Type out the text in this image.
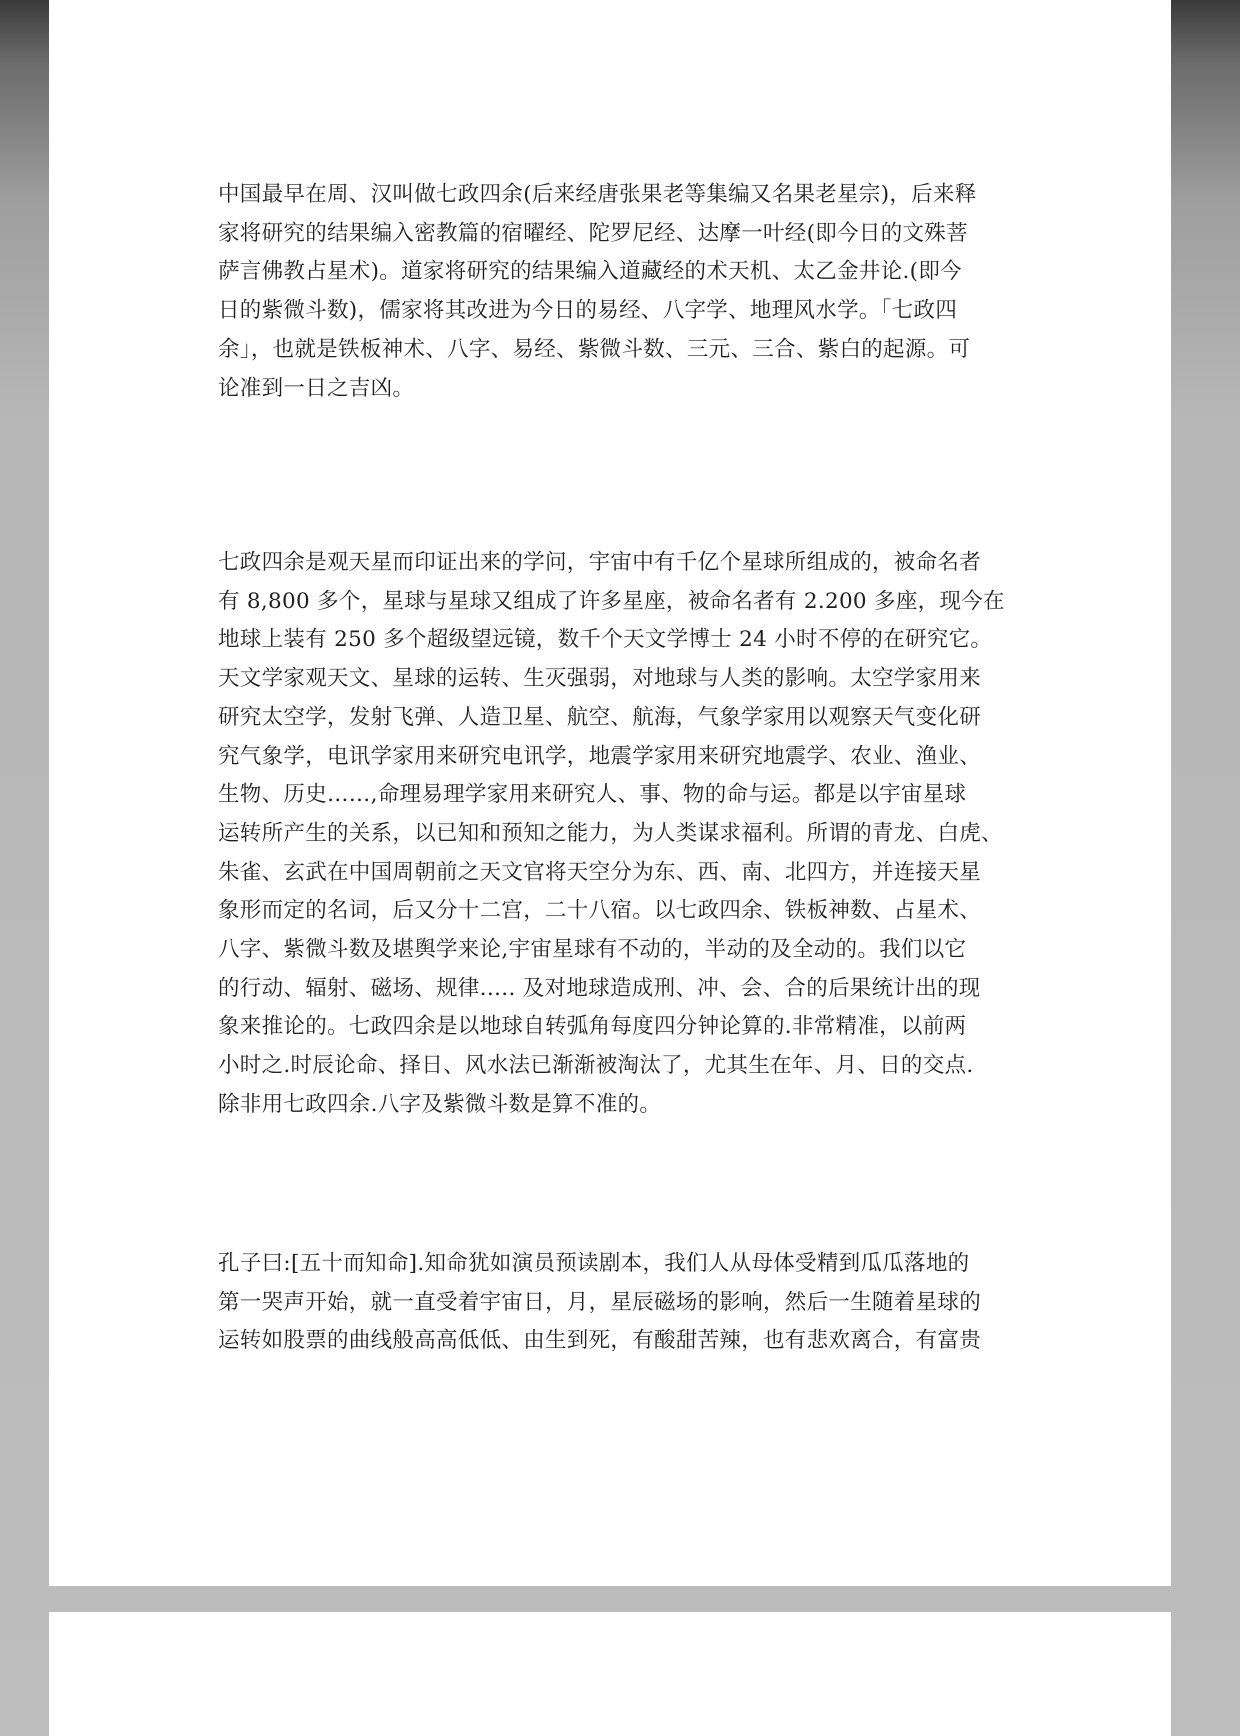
中国最早在周、汉叫做七政四余(后来经唐张果老等集编又名果老星宗)，后来释
家将研究的结果编入密教篇的宿曜经、陀罗尼经、达摩一叶经(即今日的文殊菩
萨言佛教占星术)。道家将研究的结果编入道藏经的术天机、太乙金井论.(即今
日的紫微斗数)，儒家将其改进为今日的易经、八字学、地理风水学。「七政四
余」，也就是铁板神术、八字、易经、紫微斗数、三元、三合、紫白的起源。可
论准到一日之吉凶。

七政四余是观天星而印证出来的学问，宇宙中有千亿个星球所组成的，被命名者
有 8,800 多个，星球与星球又组成了许多星座，被命名者有 2.200 多座，现今在
地球上装有 250 多个超级望远镜，数千个天文学博士 24 小时不停的在研究它。
天文学家观天文、星球的运转、生灭强弱，对地球与人类的影响。太空学家用来
研究太空学，发射飞弹、人造卫星、航空、航海，气象学家用以观察天气变化研
究气象学，电讯学家用来研究电讯学，地震学家用来研究地震学、农业、渔业、
生物、历史……,命理易理学家用来研究人、事、物的命与运。都是以宇宙星球
运转所产生的关系，以已知和预知之能力，为人类谋求福利。所谓的青龙、白虎、
朱雀、玄武在中国周朝前之天文官将天空分为东、西、南、北四方，并连接天星
象形而定的名词，后又分十二宫，二十八宿。以七政四余、铁板神数、占星术、
八字、紫微斗数及堪舆学来论,宇宙星球有不动的，半动的及全动的。我们以它
的行动、辐射、磁场、规律.…. 及对地球造成刑、冲、会、合的后果统计出的现
象来推论的。七政四余是以地球自转弧角每度四分钟论算的.非常精准，以前两
小时之.时辰论命、择日、风水法已渐渐被淘汰了，尤其生在年、月、日的交点.
除非用七政四余.八字及紫微斗数是算不准的。

孔子曰:[五十而知命].知命犹如演员预读剧本，我们人从母体受精到瓜瓜落地的
第一哭声开始，就一直受着宇宙日，月，星辰磁场的影响，然后一生随着星球的
运转如股票的曲线般高高低低、由生到死，有酸甜苦辣，也有悲欢离合，有富贵
